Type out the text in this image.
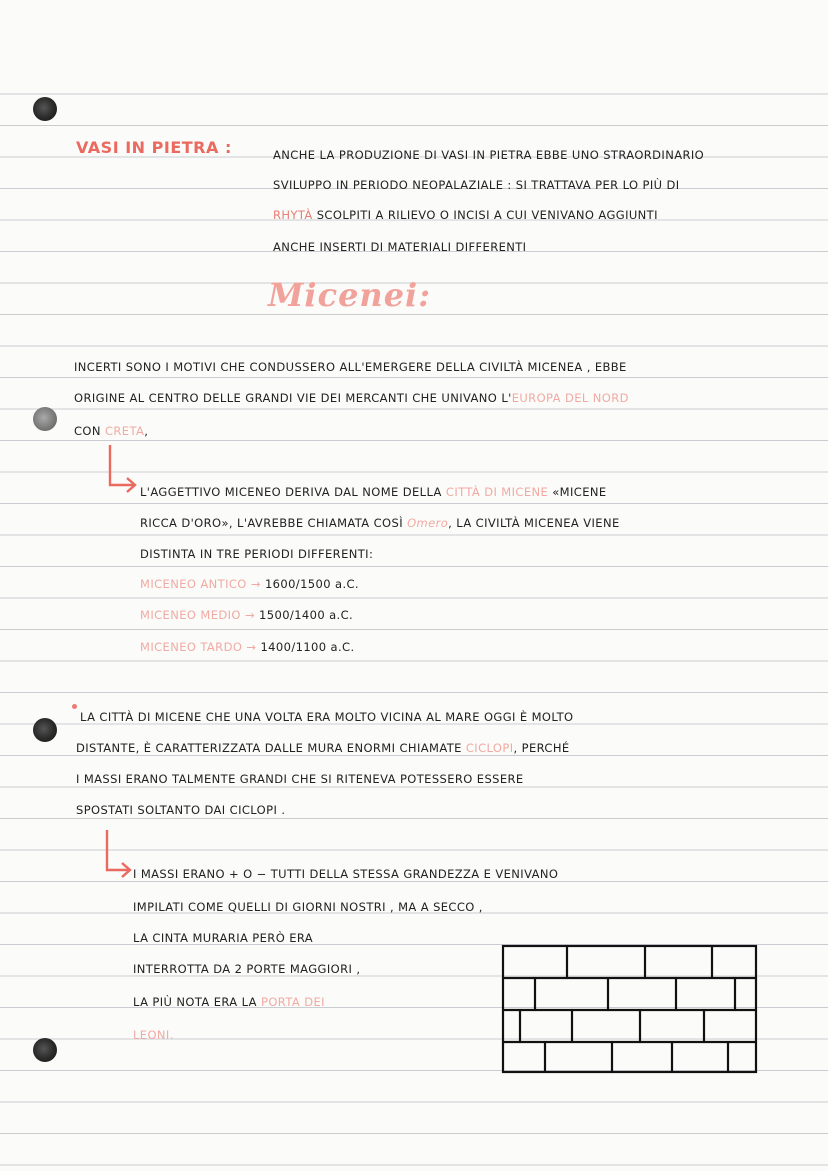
VASI IN PIETRA :	ANCHE LA PRODUZIONE DI VASI IN PIETRA EBBE UNO STRAORDINARIO
SVILUPPO IN PERIODO NEOPALAZIALE : SI TRATTAVA PER LO PIÙ DI
RHYTÀ SCOLPITI A RILIEVO O INCISI A CUI VENIVANO AGGIUNTI
ANCHE INSERTI DI MATERIALI DIFFERENTI
Micenei:
INCERTI SONO I MOTIVI CHE CONDUSSERO ALL'EMERGERE DELLA CIVILTÀ MICENEA , EBBE
ORIGINE AL CENTRO DELLE GRANDI VIE DEI MERCANTI CHE UNIVANO L'EUROPA DEL NORD
CON CRETA,
L'AGGETTIVO MICENEO DERIVA DAL NOME DELLA CITTÀ DI MICENE «MICENE
RICCA D'ORO», L'AVREBBE CHIAMATA COSÌ Omero, LA CIVILTÀ MICENEA VIENE
DISTINTA IN TRE PERIODI DIFFERENTI:
MICENEO ANTICO → 1600/1500 a.C.
MICENEO MEDIO → 1500/1400 a.C.
MICENEO TARDO → 1400/1100 a.C.
LA CITTÀ DI MICENE CHE UNA VOLTA ERA MOLTO VICINA AL MARE OGGI È MOLTO
DISTANTE, È CARATTERIZZATA DALLE MURA ENORMI CHIAMATE CICLOPI, PERCHÉ
I MASSI ERANO TALMENTE GRANDI CHE SI RITENEVA POTESSERO ESSERE
SPOSTATI SOLTANTO DAI CICLOPI .
I MASSI ERANO + O − TUTTI DELLA STESSA GRANDEZZA E VENIVANO
IMPILATI COME QUELLI DI GIORNI NOSTRI , MA A SECCO ,
LA CINTA MURARIA PERÒ ERA
INTERROTTA DA 2 PORTE MAGGIORI ,
LA PIÙ NOTA ERA LA PORTA DEI
LEONI.
